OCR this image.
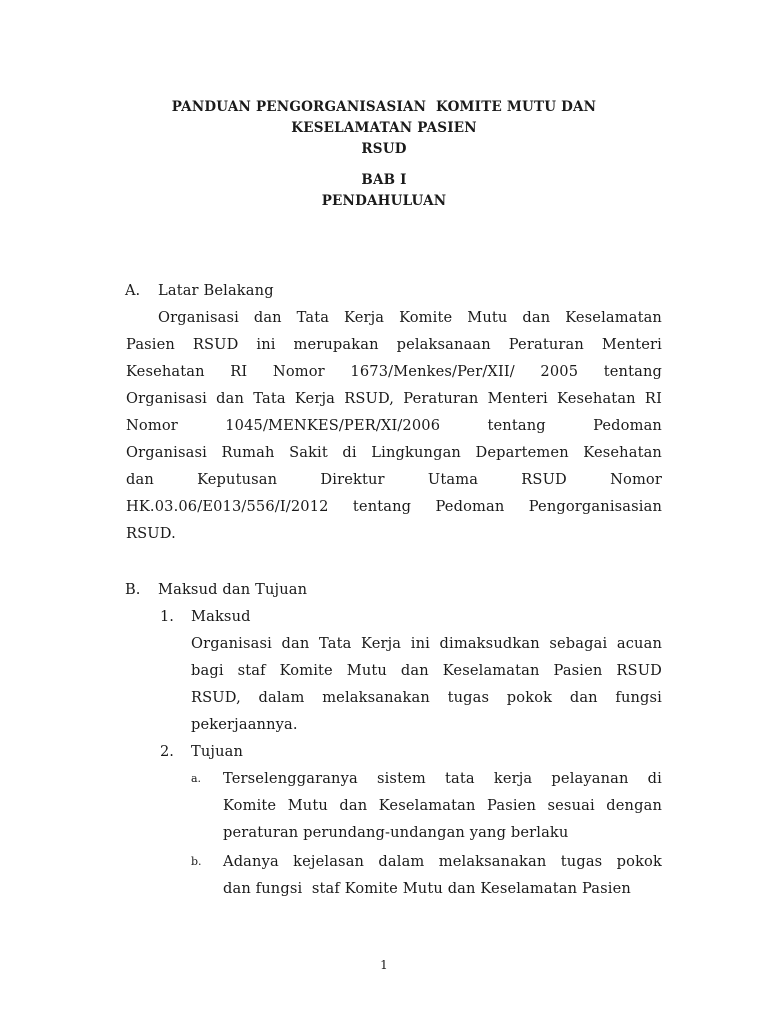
PANDUAN PENGORGANISASIAN  KOMITE MUTU DAN
KESELAMATAN PASIEN
RSUD
BAB I
PENDAHULUAN
A. Latar Belakang
Organisasi dan Tata Kerja Komite Mutu dan Keselamatan
Pasien RSUD ini merupakan pelaksanaan Peraturan Menteri
Kesehatan RI Nomor 1673/Menkes/Per/XII/ 2005 tentang
Organisasi dan Tata Kerja RSUD, Peraturan Menteri Kesehatan RI
Nomor 1045/MENKES/PER/XI/2006 tentang Pedoman
Organisasi Rumah Sakit di Lingkungan Departemen Kesehatan
dan Keputusan Direktur Utama RSUD Nomor
HK.03.06/E013/556/I/2012 tentang Pedoman Pengorganisasian
RSUD.
B. Maksud dan Tujuan
1. Maksud
Organisasi dan Tata Kerja ini dimaksudkan sebagai acuan
bagi staf Komite Mutu dan Keselamatan Pasien RSUD
RSUD, dalam melaksanakan tugas pokok dan fungsi
pekerjaannya.
2. Tujuan
a. Terselenggaranya sistem tata kerja pelayanan di
Komite Mutu dan Keselamatan Pasien sesuai dengan
peraturan perundang-undangan yang berlaku
b. Adanya kejelasan dalam melaksanakan tugas pokok
dan fungsi  staf Komite Mutu dan Keselamatan Pasien
1
